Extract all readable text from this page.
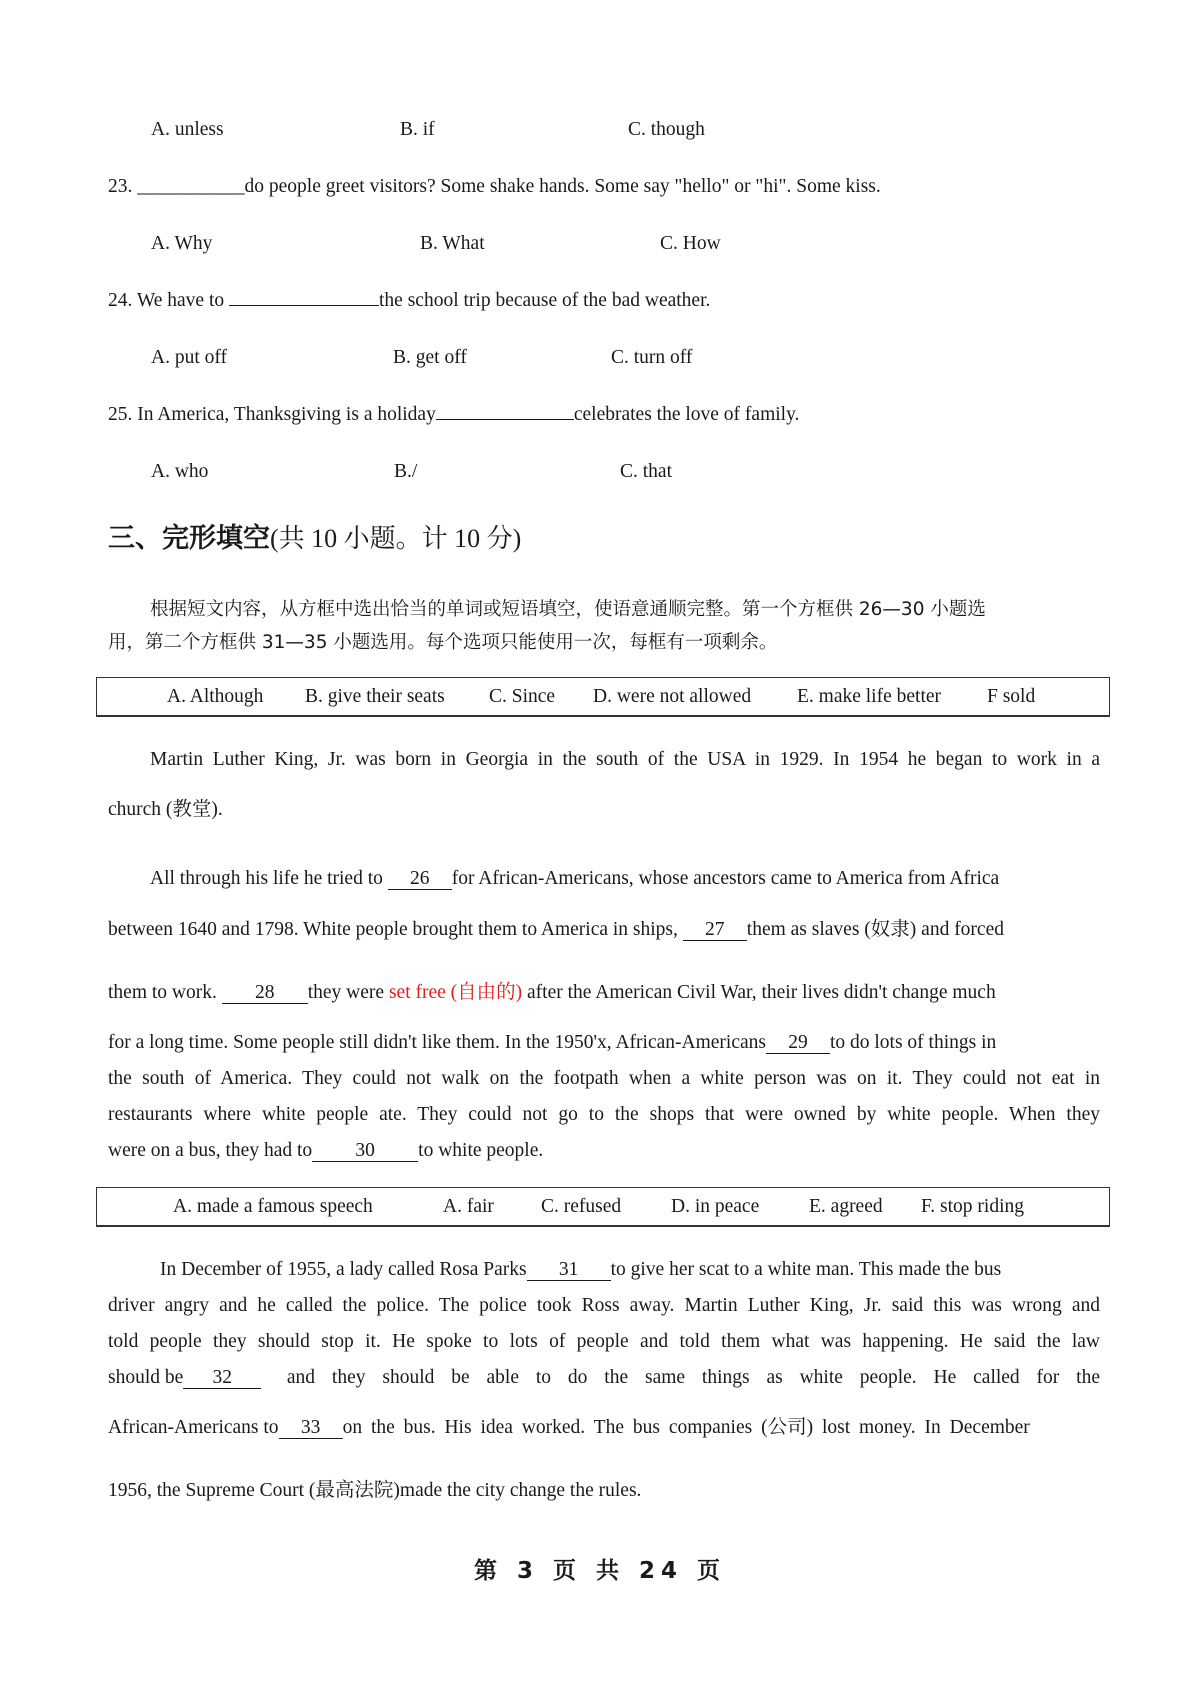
A. unless	B. if	C. though
23. ___________do people greet visitors? Some shake hands. Some say "hello" or "hi". Some kiss.
A. Why	B. What	C. How
24. We have to	the school trip because of the bad weather.
A. put off	B. get off	C. turn off
25. In America, Thanksgiving is a holiday	celebrates the love of family.
A. who	B./	C. that
三、完形填空(共 10 小题。计 10 分)
根据短文内容，从方框中选出恰当的单词或短语填空，使语意通顺完整。第一个方框供 26—30 小题选
用，第二个方框供 31—35 小题选用。每个选项只能使用一次，每框有一项剩余。
A. Although B. give their seats C. Since D. were not allowed E. make life better F sold
Martin Luther King, Jr. was born in Georgia in the south of the USA in 1929. In 1954 he began to work in a
church (教堂).
All through his life he tried to 26 for African-Americans, whose ancestors came to America from Africa
between 1640 and 1798. White people brought them to America in ships, 27 them as slaves (奴隶) and forced
them to work. 28 they were set free (自由的) after the American Civil War, their lives didn't change much
for a long time. Some people still didn't like them. In the 1950'x, African-Americans 29 to do lots of things in
the south of America. They could not walk on the footpath when a white person was on it. They could not eat in
restaurants where white people ate. They could not go to the shops that were owned by white people. When they
were on a bus, they had to 30 to white people.
A. made a famous speech	A. fair C. refused	D. in peace	E. agreed F. stop riding
In December of 1955, a lady called Rosa Parks 31 to give her scat to a white man. This made the bus
driver angry and he called the police. The police took Ross away. Martin Luther King, Jr. said this was wrong and
told people they should stop it. He spoke to lots of people and told them what was happening. He said the law
should be 32	and they should be able to do the same things as white people. He called for the
African-Americans to 33 on the bus. His idea worked. The bus companies (公司) lost money. In December
1956, the Supreme Court (最高法院)made the city change the rules.
第 3 页 共 24 页
